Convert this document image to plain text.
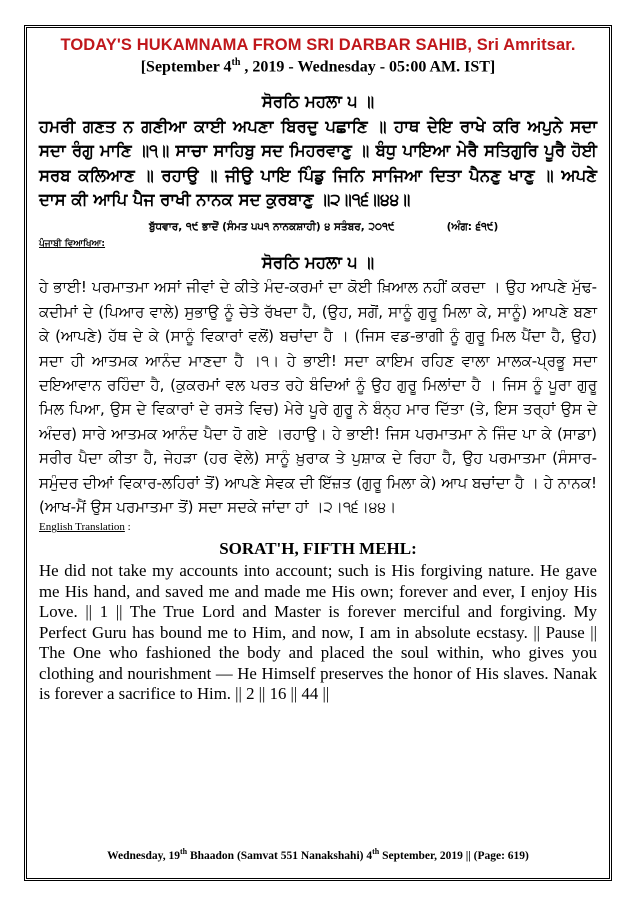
TODAY'S HUKAMNAMA FROM SRI DARBAR SAHIB, Sri Amritsar.
[September 4th , 2019 - Wednesday - 05:00 AM. IST]
ਸੋਰਠਿ ਮਹਲਾ ੫ ॥
ਹਮਰੀ ਗਣਤ ਨ ਗਣੀਆ ਕਾਈ ਅਪਣਾ ਬਿਰਦੁ ਪਛਾਣਿ ॥ ਹਾਥ ਦੇਇ ਰਾਖੇ ਕਰਿ ਅਪੁਨੇ ਸਦਾ ਸਦਾ ਰੰਗੁ ਮਾਣਿ ॥੧॥ ਸਾਚਾ ਸਾਹਿਬੁ ਸਦ ਮਿਹਰਵਾਣੁ ॥ ਬੰਧੁ ਪਾਇਆ ਮੇਰੈ ਸਤਿਗੁਰਿ ਪੂਰੈ ਹੋਈ ਸਰਬ ਕਲਿਆਣ ॥ ਰਹਾਉ ॥ ਜੀਉ ਪਾਇ ਪਿੰਡੁ ਜਿਨਿ ਸਾਜਿਆ ਦਿਤਾ ਪੈਨਣੁ ਖਾਣੁ ॥ ਅਪਣੇ ਦਾਸ ਕੀ ਆਪਿ ਪੈਜ ਰਾਖੀ ਨਾਨਕ ਸਦ ਕੁਰਬਾਣੁ ॥੨॥੧੬॥੪੪॥
ਬੁੱਧਵਾਰ, ੧੯ ਭਾਦੋਂ (ਸੰਮਤ ੫੫੧ ਨਾਨਕਸ਼ਾਹੀ) ੪ ਸਤੰਬਰ, ੨੦੧੯	(ਅੰਗ: ੬੧੯)
ਪੰਜਾਬੀ ਵਿਆਖਿਆ:
ਸੋਰਠਿ ਮਹਲਾ ੫ ॥
ਹੇ ਭਾਈ! ਪਰਮਾਤਮਾ ਅਸਾਂ ਜੀਵਾਂ ਦੇ ਕੀਤੇ ਮੰਦ-ਕਰਮਾਂ ਦਾ ਕੋਈ ਖ਼ਿਆਲ ਨਹੀਂ ਕਰਦਾ । ਉਹ ਆਪਣੇ ਮੁੱਢ-ਕਦੀਮਾਂ ਦੇ (ਪਿਆਰ ਵਾਲੇ) ਸੁਭਾਉ ਨੂੰ ਚੇਤੇ ਰੱਖਦਾ ਹੈ, (ਉਹ, ਸਗੋਂ, ਸਾਨੂੰ ਗੁਰੂ ਮਿਲਾ ਕੇ, ਸਾਨੂੰ) ਆਪਣੇ ਬਣਾ ਕੇ (ਆਪਣੇ) ਹੱਥ ਦੇ ਕੇ (ਸਾਨੂੰ ਵਿਕਾਰਾਂ ਵਲੋਂ) ਬਚਾਂਦਾ ਹੈ । (ਜਿਸ ਵਡ-ਭਾਗੀ ਨੂੰ ਗੁਰੂ ਮਿਲ ਪੈਂਦਾ ਹੈ, ਉਹ) ਸਦਾ ਹੀ ਆਤਮਕ ਆਨੰਦ ਮਾਣਦਾ ਹੈ ।੧। ਹੇ ਭਾਈ! ਸਦਾ ਕਾਇਮ ਰਹਿਣ ਵਾਲਾ ਮਾਲਕ-ਪ੍ਰਭੂ ਸਦਾ ਦਇਆਵਾਨ ਰਹਿੰਦਾ ਹੈ, (ਕੁਕਰਮਾਂ ਵਲ ਪਰਤ ਰਹੇ ਬੰਦਿਆਂ ਨੂੰ ਉਹ ਗੁਰੂ ਮਿਲਾਂਦਾ ਹੈ । ਜਿਸ ਨੂੰ ਪੂਰਾ ਗੁਰੂ ਮਿਲ ਪਿਆ, ਉਸ ਦੇ ਵਿਕਾਰਾਂ ਦੇ ਰਸਤੇ ਵਿਚ) ਮੇਰੇ ਪੂਰੇ ਗੁਰੂ ਨੇ ਬੰਨ੍ਹ ਮਾਰ ਦਿੱਤਾ (ਤੇ, ਇਸ ਤਰ੍ਹਾਂ ਉਸ ਦੇ ਅੰਦਰ) ਸਾਰੇ ਆਤਮਕ ਆਨੰਦ ਪੈਦਾ ਹੋ ਗਏ ।ਰਹਾਉ। ਹੇ ਭਾਈ! ਜਿਸ ਪਰਮਾਤਮਾ ਨੇ ਜਿੰਦ ਪਾ ਕੇ (ਸਾਡਾ) ਸਰੀਰ ਪੈਦਾ ਕੀਤਾ ਹੈ, ਜੇਹੜਾ (ਹਰ ਵੇਲੇ) ਸਾਨੂੰ ਖ਼ੁਰਾਕ ਤੇ ਪੁਸ਼ਾਕ ਦੇ ਰਿਹਾ ਹੈ, ਉਹ ਪਰਮਾਤਮਾ (ਸੰਸਾਰ-ਸਮੁੰਦਰ ਦੀਆਂ ਵਿਕਾਰ-ਲਹਿਰਾਂ ਤੋਂ) ਆਪਣੇ ਸੇਵਕ ਦੀ ਇੱਜ਼ਤ (ਗੁਰੂ ਮਿਲਾ ਕੇ) ਆਪ ਬਚਾਂਦਾ ਹੈ । ਹੇ ਨਾਨਕ! (ਆਖ-ਮੈਂ ਉਸ ਪਰਮਾਤਮਾ ਤੋਂ) ਸਦਾ ਸਦਕੇ ਜਾਂਦਾ ਹਾਂ ।੨।੧੬।੪੪।
English Translation :
SORAT'H, FIFTH MEHL:
He did not take my accounts into account; such is His forgiving nature. He gave me His hand, and saved me and made me His own; forever and ever, I enjoy His Love. || 1 || The True Lord and Master is forever merciful and forgiving. My Perfect Guru has bound me to Him, and now, I am in absolute ecstasy. || Pause || The One who fashioned the body and placed the soul within, who gives you clothing and nourishment — He Himself preserves the honor of His slaves. Nanak is forever a sacrifice to Him. || 2 || 16 || 44 ||
Wednesday, 19th Bhaadon (Samvat 551 Nanakshahi) 4th September, 2019 || (Page: 619)
